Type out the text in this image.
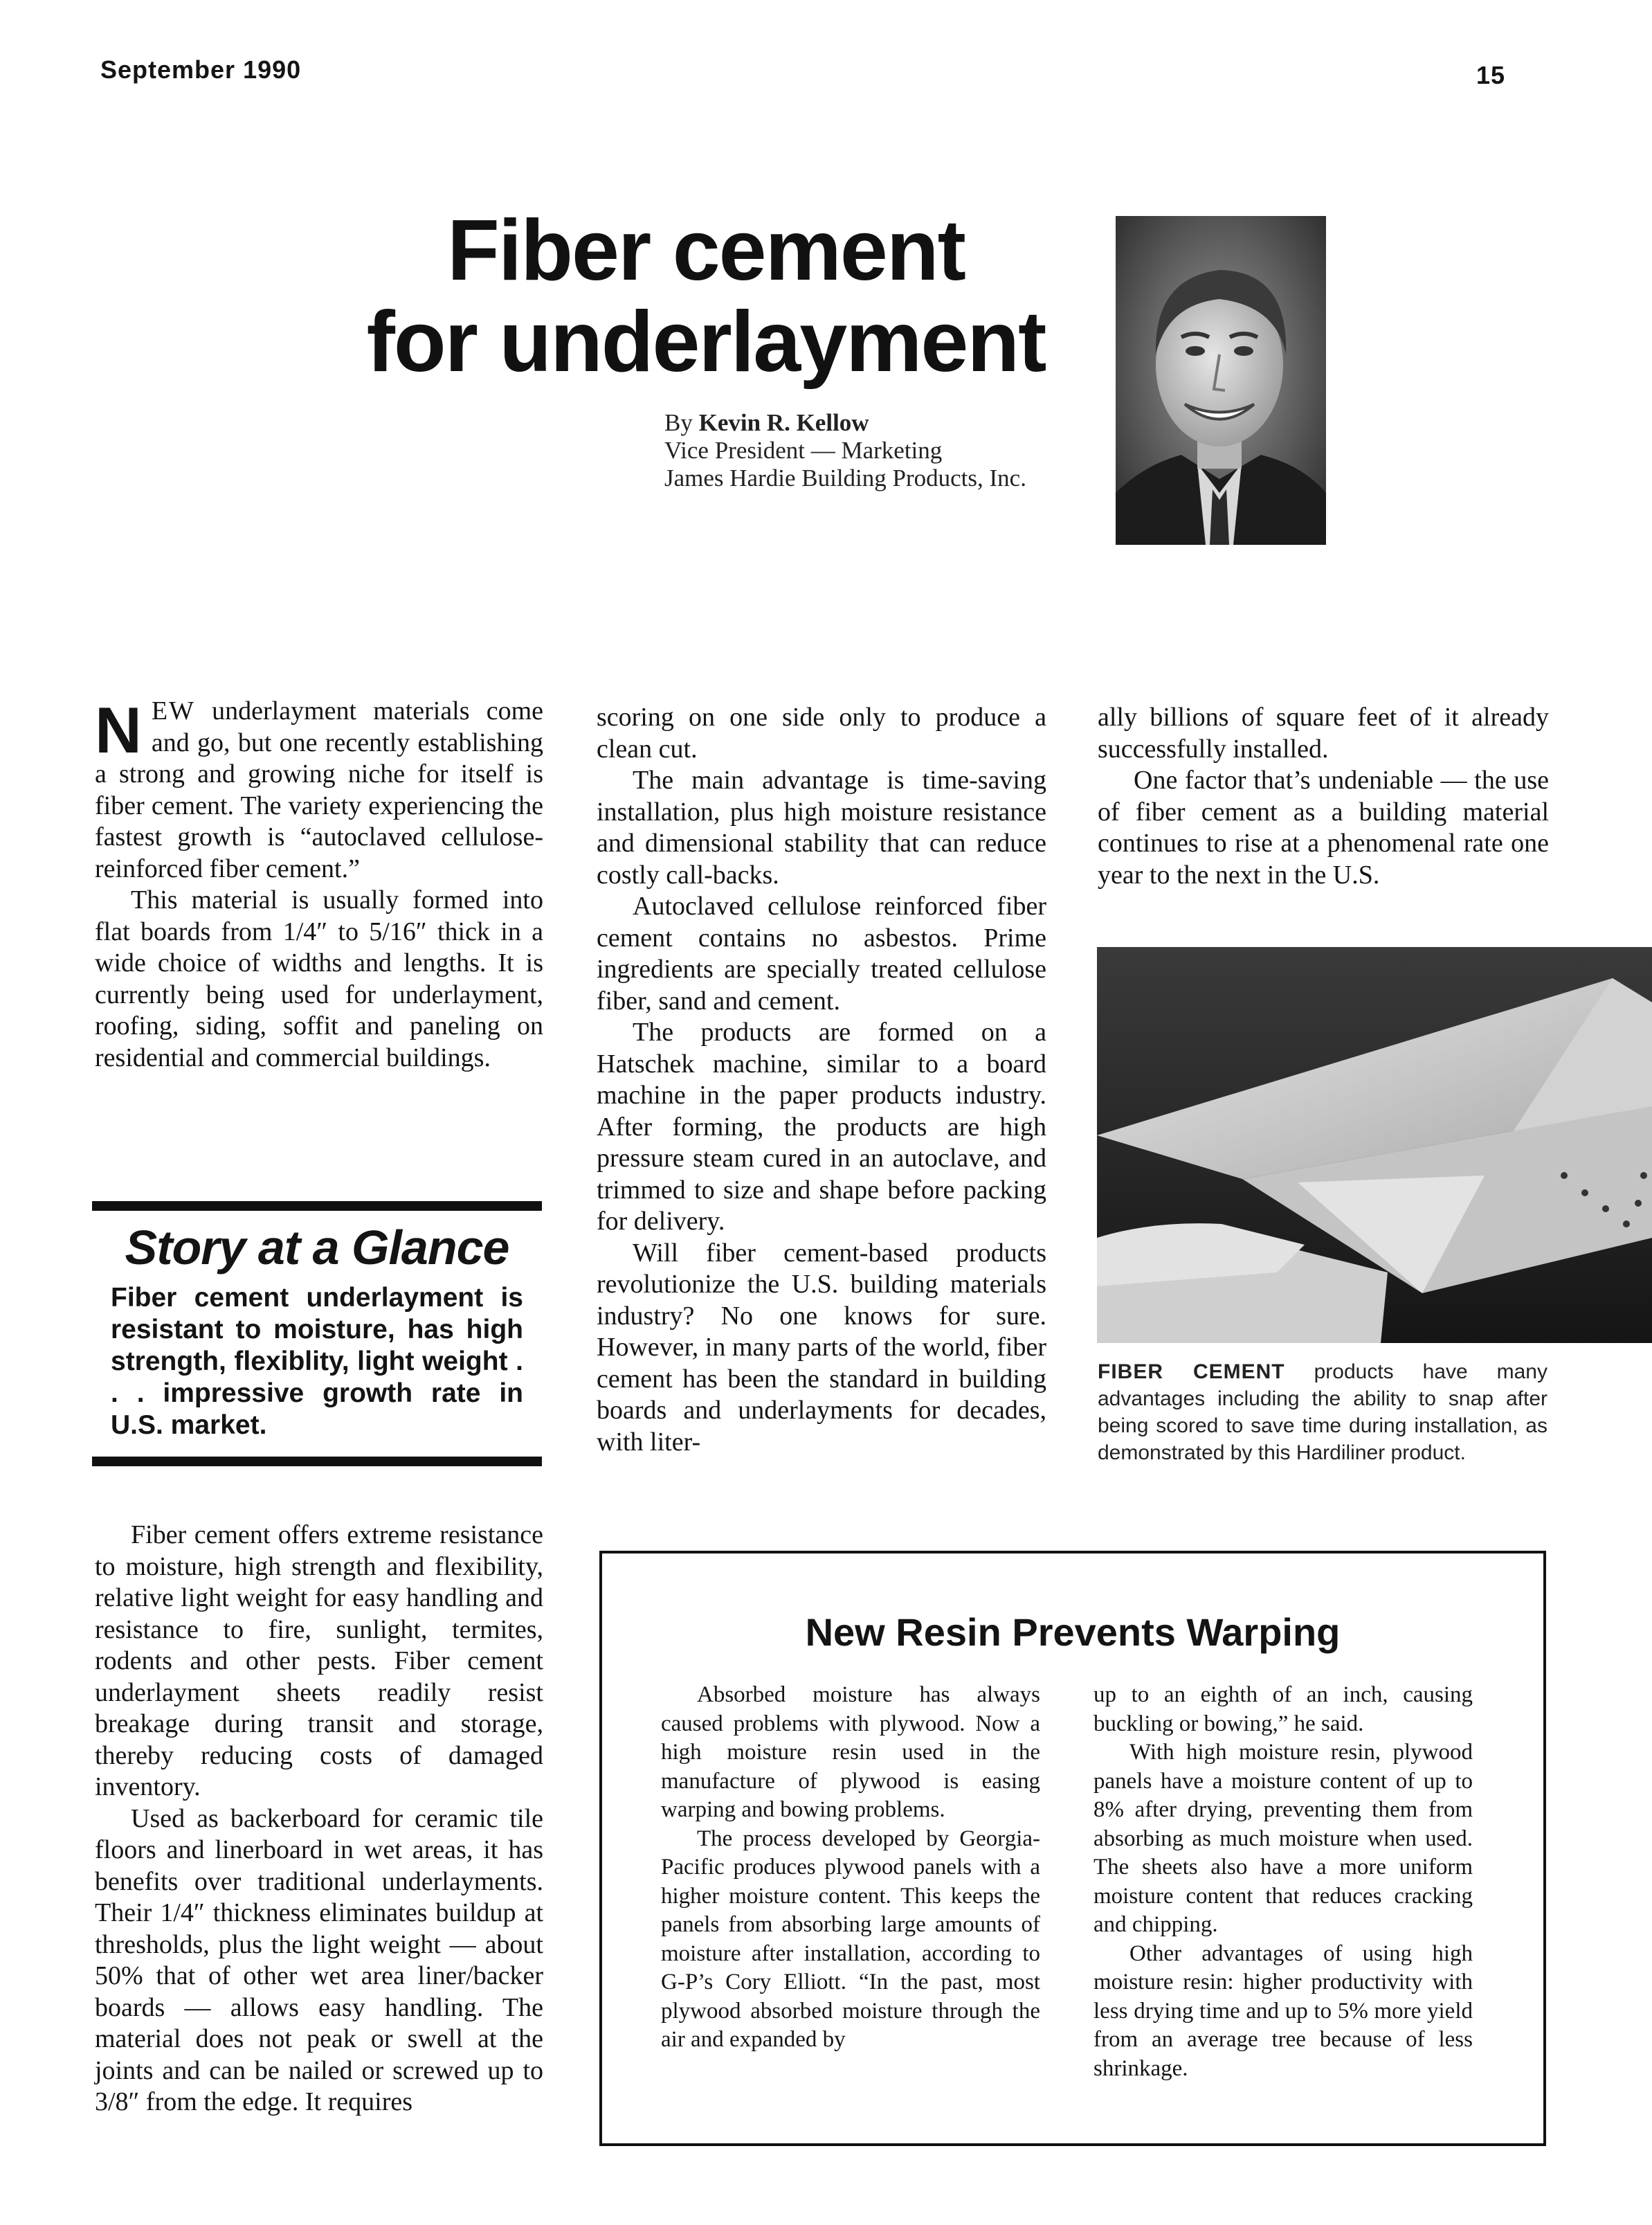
September 1990	15
Fiber cement
for underlayment
By Kevin R. Kellow
Vice President — Marketing
James Hardie Building Products, Inc.

NEW underlayment materials come and go, but one recently establishing a strong and growing niche for itself is fiber cement. The variety experiencing the fastest growth is “autoclaved cellulose-reinforced fiber cement.”

This material is usually formed into flat boards from 1/4″ to 5/16″ thick in a wide choice of widths and lengths. It is currently being used for underlayment, roofing, siding, soffit and paneling on residential and commercial buildings.

Story at a Glance
Fiber cement underlayment is resistant to moisture, has high strength, flexiblity, light weight . . . impressive growth rate in U.S. market.

Fiber cement offers extreme resistance to moisture, high strength and flexibility, relative light weight for easy handling and resistance to fire, sunlight, termites, rodents and other pests. Fiber cement underlayment sheets readily resist breakage during transit and storage, thereby reducing costs of damaged inventory.

Used as backerboard for ceramic tile floors and linerboard in wet areas, it has benefits over traditional underlayments. Their 1/4″ thickness eliminates buildup at thresholds, plus the light weight — about 50% that of other wet area liner/backer boards — allows easy handling. The material does not peak or swell at the joints and can be nailed or screwed up to 3/8″ from the edge. It requires

scoring on one side only to produce a clean cut.

The main advantage is time-saving installation, plus high moisture resistance and dimensional stability that can reduce costly call-backs.

Autoclaved cellulose reinforced fiber cement contains no asbestos. Prime ingredients are specially treated cellulose fiber, sand and cement.

The products are formed on a Hatschek machine, similar to a board machine in the paper products industry. After forming, the products are high pressure steam cured in an autoclave, and trimmed to size and shape before packing for delivery.

Will fiber cement-based products revolutionize the U.S. building materials industry? No one knows for sure. However, in many parts of the world, fiber cement has been the standard in building boards and underlayments for decades, with liter-

ally billions of square feet of it already successfully installed.

One factor that’s undeniable — the use of fiber cement as a building material continues to rise at a phenomenal rate one year to the next in the U.S.

FIBER CEMENT products have many advantages including the ability to snap after being scored to save time during installation, as demonstrated by this Hardiliner product.
New Resin Prevents Warping

Absorbed moisture has always caused problems with plywood. Now a high moisture resin used in the manufacture of plywood is easing warping and bowing problems.

The process developed by Georgia-Pacific produces plywood panels with a higher moisture content. This keeps the panels from absorbing large amounts of moisture after installation, according to G-P’s Cory Elliott. “In the past, most plywood absorbed moisture through the air and expanded by

up to an eighth of an inch, causing buckling or bowing,” he said.

With high moisture resin, plywood panels have a moisture content of up to 8% after drying, preventing them from absorbing as much moisture when used. The sheets also have a more uniform moisture content that reduces cracking and chipping.

Other advantages of using high moisture resin: higher productivity with less drying time and up to 5% more yield from an average tree because of less shrinkage.
